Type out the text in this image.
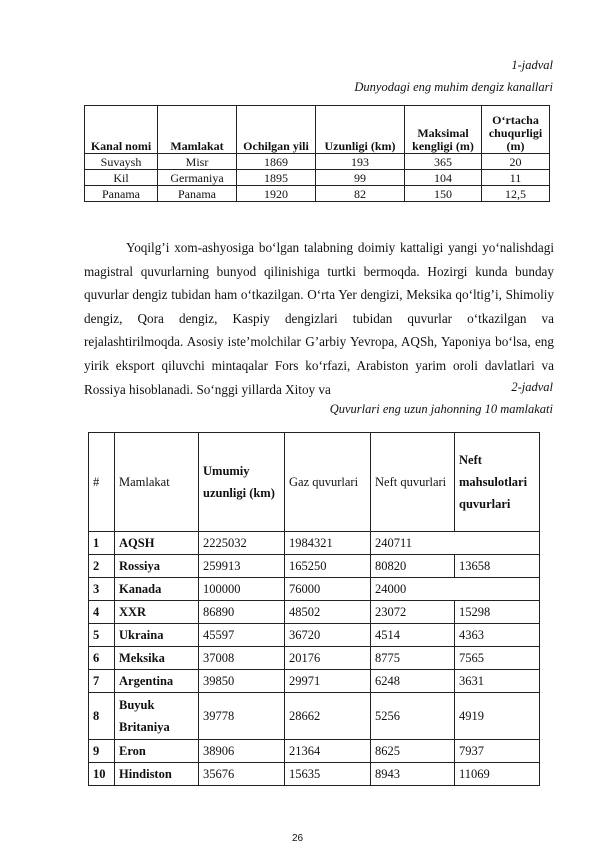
1-jadval
Dunyodagi eng muhim dengiz kanallari
Kanal nomi	Mamlakat	Ochilgan yili	Uzunligi (km)	Maksimal kengligi (m)	O‘rtacha chuqurligi (m)
Suvaysh	Misr	1869	193	365	20
Kil	Germaniya	1895	99	104	11
Panama	Panama	1920	82	150	12,5

Yoqilg’i xom-ashyosiga bo‘lgan talabning doimiy kattaligi yangi yo‘nalishdagi magistral quvurlarning bunyod qilinishiga turtki bermoqda. Hozirgi kunda bunday quvurlar dengiz tubidan ham o‘tkazilgan. O‘rta Yer dengizi, Meksika qo‘ltig’i, Shimoliy dengiz, Qora dengiz, Kaspiy dengizlari tubidan quvurlar o‘tkazilgan va rejalashtirilmoqda. Asosiy iste’molchilar G’arbiy Yevropa, AQSh, Yaponiya bo‘lsa, eng yirik eksport qiluvchi mintaqalar Fors ko‘rfazi, Arabiston yarim oroli davlatlari va Rossiya hisoblanadi. So‘nggi yillarda Xitoy va	2-jadval
Quvurlari eng uzun jahonning 10 mamlakati
#	Mamlakat	Umumiy uzunligi (km)	Gaz quvurlari	Neft quvurlari	Neft mahsulotlari quvurlari
1	AQSH	2225032	1984321	240711	
2	Rossiya	259913	165250	80820	13658
3	Kanada	100000	76000	24000	
4	XXR	86890	48502	23072	15298
5	Ukraina	45597	36720	4514	4363
6	Meksika	37008	20176	8775	7565
7	Argentina	39850	29971	6248	3631
8	Buyuk Britaniya	39778	28662	5256	4919
9	Eron	38906	21364	8625	7937
10	Hindiston	35676	15635	8943	11069
26
